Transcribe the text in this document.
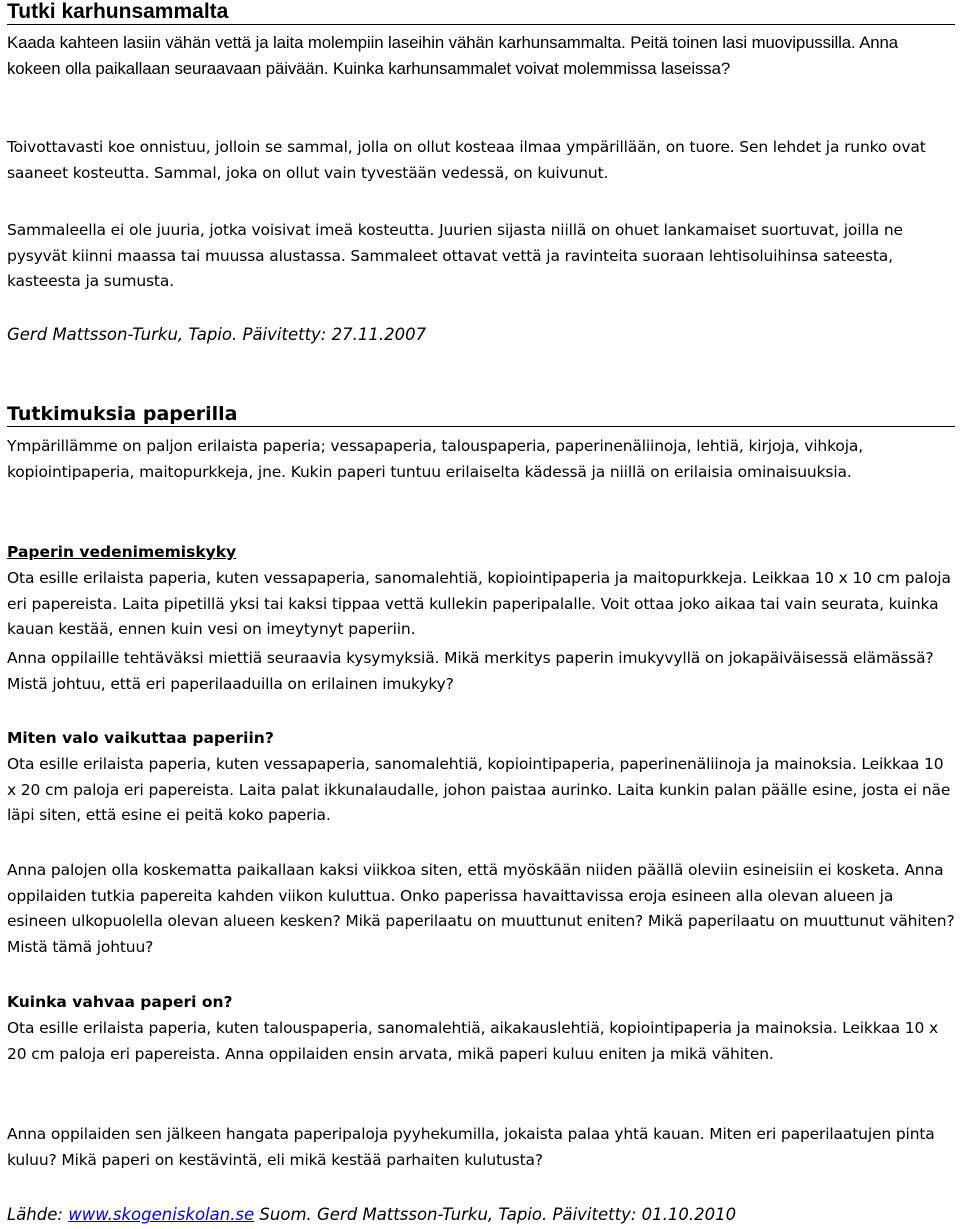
Tutki karhunsammalta

Kaada kahteen lasiin vähän vettä ja laita molempiin laseihin vähän karhunsammalta. Peitä toinen lasi muovipussilla. Anna kokeen olla paikallaan seuraavaan päivään. Kuinka karhunsammalet voivat molemmissa laseissa?

Toivottavasti koe onnistuu, jolloin se sammal, jolla on ollut kosteaa ilmaa ympärillään, on tuore. Sen lehdet ja runko ovat saaneet kosteutta. Sammal, joka on ollut vain tyvestään vedessä, on kuivunut.

Sammaleella ei ole juuria, jotka voisivat imeä kosteutta. Juurien sijasta niillä on ohuet lankamaiset suortuvat, joilla ne pysyvät kiinni maassa tai muussa alustassa. Sammaleet ottavat vettä ja ravinteita suoraan lehtisoluihinsa sateesta, kasteesta ja sumusta.

Gerd Mattsson-Turku, Tapio. Päivitetty: 27.11.2007

Tutkimuksia paperilla

Ympärillämme on paljon erilaista paperia; vessapaperia, talouspaperia, paperinenäliinoja, lehtiä, kirjoja, vihkoja, kopiointipaperia, maitopurkkeja, jne. Kukin paperi tuntuu erilaiselta kädessä ja niillä on erilaisia ominaisuuksia.

Paperin vedenimemiskyky

Ota esille erilaista paperia, kuten vessapaperia, sanomalehtiä, kopiointipaperia ja maitopurkkeja. Leikkaa 10 x 10 cm paloja eri papereista. Laita pipetillä yksi tai kaksi tippaa vettä kullekin paperipalalle. Voit ottaa joko aikaa tai vain seurata, kuinka kauan kestää, ennen kuin vesi on imeytynyt paperiin.

Anna oppilaille tehtäväksi miettiä seuraavia kysymyksiä. Mikä merkitys paperin imukyvyllä on jokapäiväisessä elämässä? Mistä johtuu, että eri paperilaaduilla on erilainen imukyky?

Miten valo vaikuttaa paperiin?

Ota esille erilaista paperia, kuten vessapaperia, sanomalehtiä, kopiointipaperia, paperinenäliinoja ja mainoksia. Leikkaa 10 x 20 cm paloja eri papereista. Laita palat ikkunalaudalle, johon paistaa aurinko. Laita kunkin palan päälle esine, josta ei näe läpi siten, että esine ei peitä koko paperia.

Anna palojen olla koskematta paikallaan kaksi viikkoa siten, että myöskään niiden päällä oleviin esineisiin ei kosketa. Anna oppilaiden tutkia papereita kahden viikon kuluttua. Onko paperissa havaittavissa eroja esineen alla olevan alueen ja esineen ulkopuolella olevan alueen kesken? Mikä paperilaatu on muuttunut eniten? Mikä paperilaatu on muuttunut vähiten? Mistä tämä johtuu?

Kuinka vahvaa paperi on?

Ota esille erilaista paperia, kuten talouspaperia, sanomalehtiä, aikakauslehtiä, kopiointipaperia ja mainoksia. Leikkaa 10 x 20 cm paloja eri papereista. Anna oppilaiden ensin arvata, mikä paperi kuluu eniten ja mikä vähiten.

Anna oppilaiden sen jälkeen hangata paperipaloja pyyhekumilla, jokaista palaa yhtä kauan. Miten eri paperilaatujen pinta kuluu? Mikä paperi on kestävintä, eli mikä kestää parhaiten kulutusta?

Lähde: www.skogeniskolan.se Suom. Gerd Mattsson-Turku, Tapio. Päivitetty: 01.10.2010
